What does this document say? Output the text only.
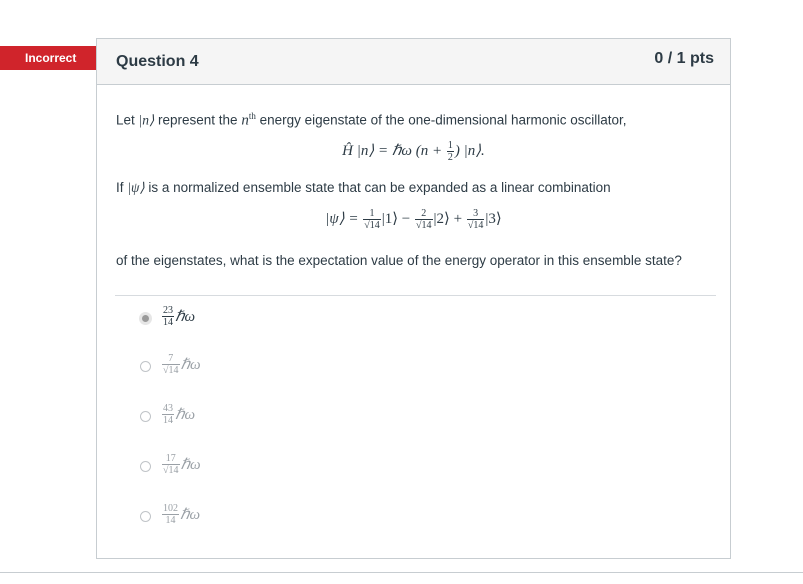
Incorrect	Question 4	0 / 1 pts
Let |n⟩ represent the $n^{th}$ energy eigenstate of the one-dimensional harmonic oscillator,
Ĥ |n⟩ = ℏω ($n + \frac{1}{2}$ ) |n⟩.
If |ψ⟩ is a normalized ensemble state that can be expanded as a linear combination
|ψ⟩ = $\frac{1}{√14}$ |1⟩ − $\frac{2}{√14}$ |2⟩ + $\frac{3}{√14}$ |3⟩
of the eigenstates, what is the expectation value of the energy operator in this ensemble state?
$\frac{23}{14}$ ℏω
$\frac{7}{√14}$ ℏω
$\frac{43}{14}$ ℏω
$\frac{17}{√14}$ ℏω
$\frac{102}{14}$ ℏω
